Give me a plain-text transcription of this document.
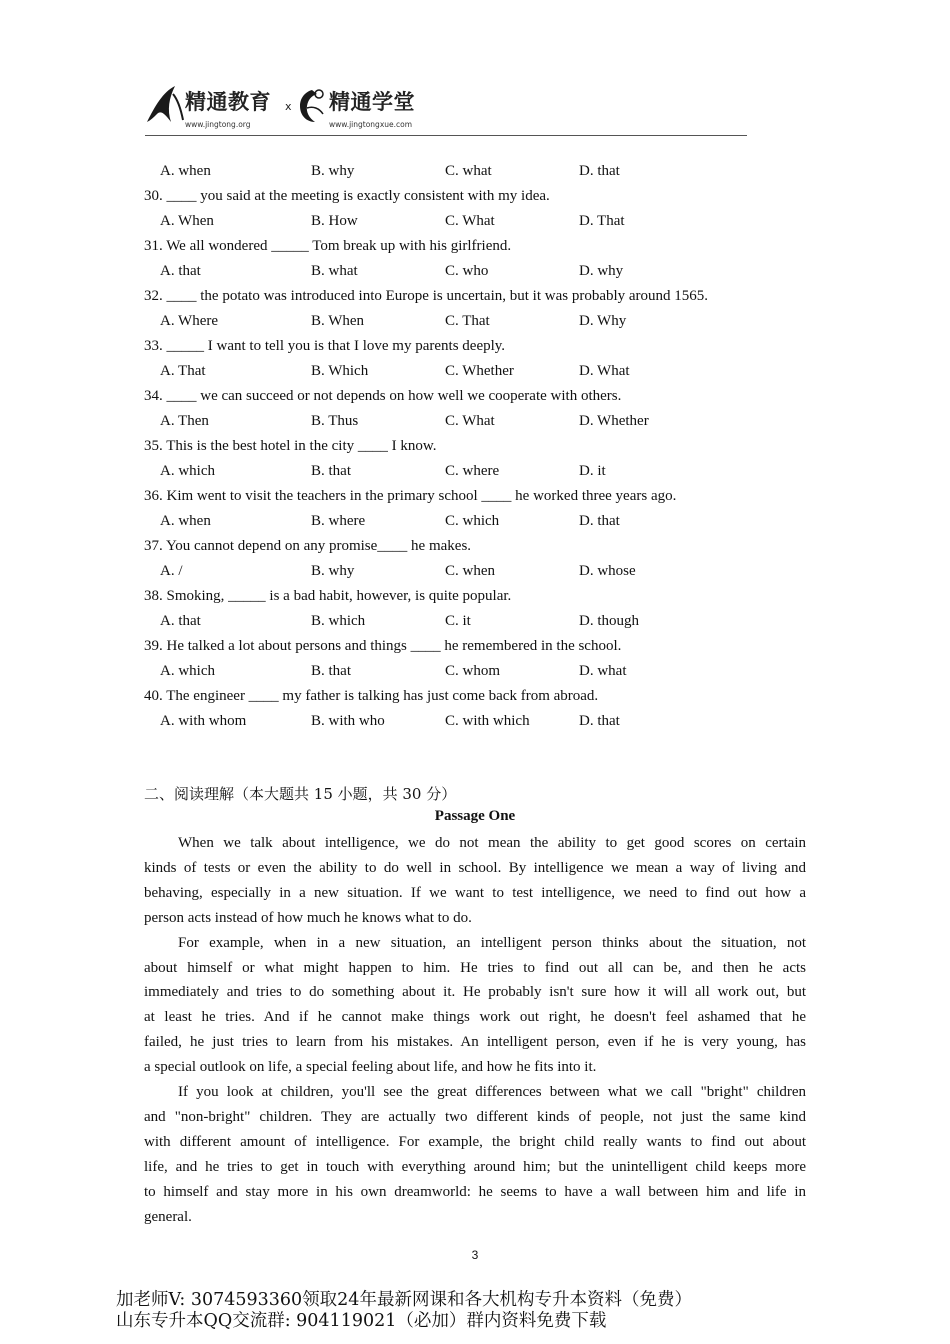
精通教育
www.jingtong.org
x 精通学堂
www.jingtongxue.com
A. when	B. why	C. what	D. that
30. ____ you said at the meeting is exactly consistent with my idea.
A. When	B. How	C. What	D. That
31. We all wondered _____ Tom break up with his girlfriend.
A. that	B. what	C. who	D. why
32. ____ the potato was introduced into Europe is uncertain, but it was probably around 1565.
A. Where	B. When	C. That	D. Why
33. _____ I want to tell you is that I love my parents deeply.
A. That	B. Which	C. Whether	D. What
34. ____ we can succeed or not depends on how well we cooperate with others.
A. Then	B. Thus	C. What	D. Whether
35. This is the best hotel in the city ____ I know.
A. which	B. that	C. where	D. it
36. Kim went to visit the teachers in the primary school ____ he worked three years ago.
A. when	B. where	C. which	D. that
37. You cannot depend on any promise____ he makes.
A. /	B. why	C. when	D. whose
38. Smoking, _____ is a bad habit, however, is quite popular.
A. that	B. which	C. it	D. though
39. He talked a lot about persons and things ____ he remembered in the school.
A. which	B. that	C. whom	D. what
40. The engineer ____ my father is talking has just come back from abroad.
A. with whom	B. with who	C. with which	D. that
二、阅读理解（本大题共 15 小题，共 30 分）
Passage One
When we talk about intelligence, we do not mean the ability to get good scores on certain
kinds of tests or even the ability to do well in school. By intelligence we mean a way of living and
behaving, especially in a new situation. If we want to test intelligence, we need to find out how a
person acts instead of how much he knows what to do.
For example, when in a new situation, an intelligent person thinks about the situation, not
about himself or what might happen to him. He tries to find out all can be, and then he acts
immediately and tries to do something about it. He probably isn't sure how it will all work out, but
at least he tries. And if he cannot make things work out right, he doesn't feel ashamed that he
failed, he just tries to learn from his mistakes. An intelligent person, even if he is very young, has
a special outlook on life, a special feeling about life, and how he fits into it.
If you look at children, you'll see the great differences between what we call "bright" children
and "non-bright" children. They are actually two different kinds of people, not just the same kind
with different amount of intelligence. For example, the bright child really wants to find out about
life, and he tries to get in touch with everything around him; but the unintelligent child keeps more
to himself and stay more in his own dreamworld: he seems to have a wall between him and life in
general.
3
加老师V: 3074593360领取24年最新网课和各大机构专升本资料（免费）
山东专升本QQ交流群: 904119021（必加）群内资料免费下载
